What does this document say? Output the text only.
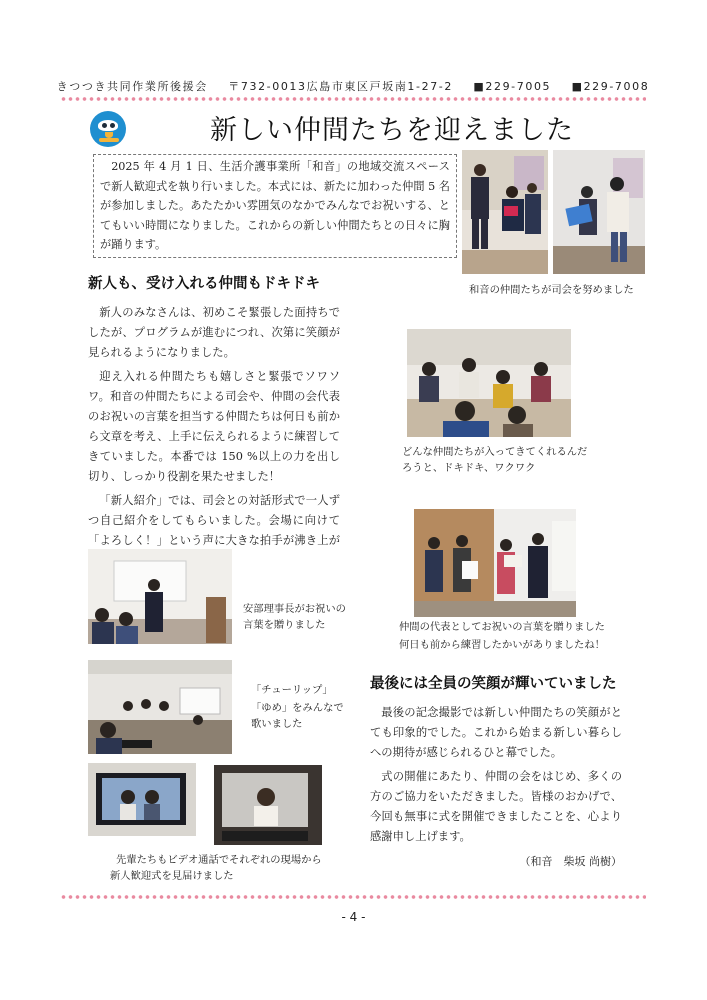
きつつき共同作業所後援会 〒732-0013広島市東区戸坂南1-27-2 ■229-7005 ■229-7008
新しい仲間たちを迎えました
2025 年 4 月 1 日、生活介護事業所「和音」の地域交流スペースで新人歓迎式を執り行いました。本式には、新たに加わった仲間 5 名が参加しました。あたたかい雰囲気のなかでみんなでお祝いする、とてもいい時間になりました。これからの新しい仲間たちとの日々に胸が踊ります。
和音の仲間たちが司会を努めました
新人も、受け入れる仲間もドキドキ

新人のみなさんは、初めこそ緊張した面持ちでしたが、プログラムが進むにつれ、次第に笑顔が見られるようになりました。

迎え入れる仲間たちも嬉しさと緊張でソワソワ。和音の仲間たちによる司会や、仲間の会代表のお祝いの言葉を担当する仲間たちは何日も前から文章を考え、上手に伝えられるように練習してきていました。本番では 150 %以上の力を出し切り、しっかり役割を果たせました！

「新人紹介」では、司会との対話形式で一人ずつ自己紹介をしてもらいました。会場に向けて「よろしく！」という声に大きな拍手が沸き上が

どんな仲間たちが入ってきてくれるんだ
ろうと、ドキドキ、ワクワク
仲間の代表としてお祝いの言葉を贈りました
何日も前から練習したかいがありましたね！
安部理事長がお祝いの
言葉を贈りました
「チューリップ」
「ゆめ」をみんなで
歌いました
先輩たちもビデオ通話でそれぞれの現場から
新人歓迎式を見届けました
最後には全員の笑顔が輝いていました

最後の記念撮影では新しい仲間たちの笑顔がとても印象的でした。これから始まる新しい暮らしへの期待が感じられるひと幕でした。

式の開催にあたり、仲間の会をはじめ、多くの方のご協力をいただきました。皆様のおかげで、今回も無事に式を開催できましたことを、心より感謝申し上げます。

（和音　柴坂 尚樹）
- 4 -
